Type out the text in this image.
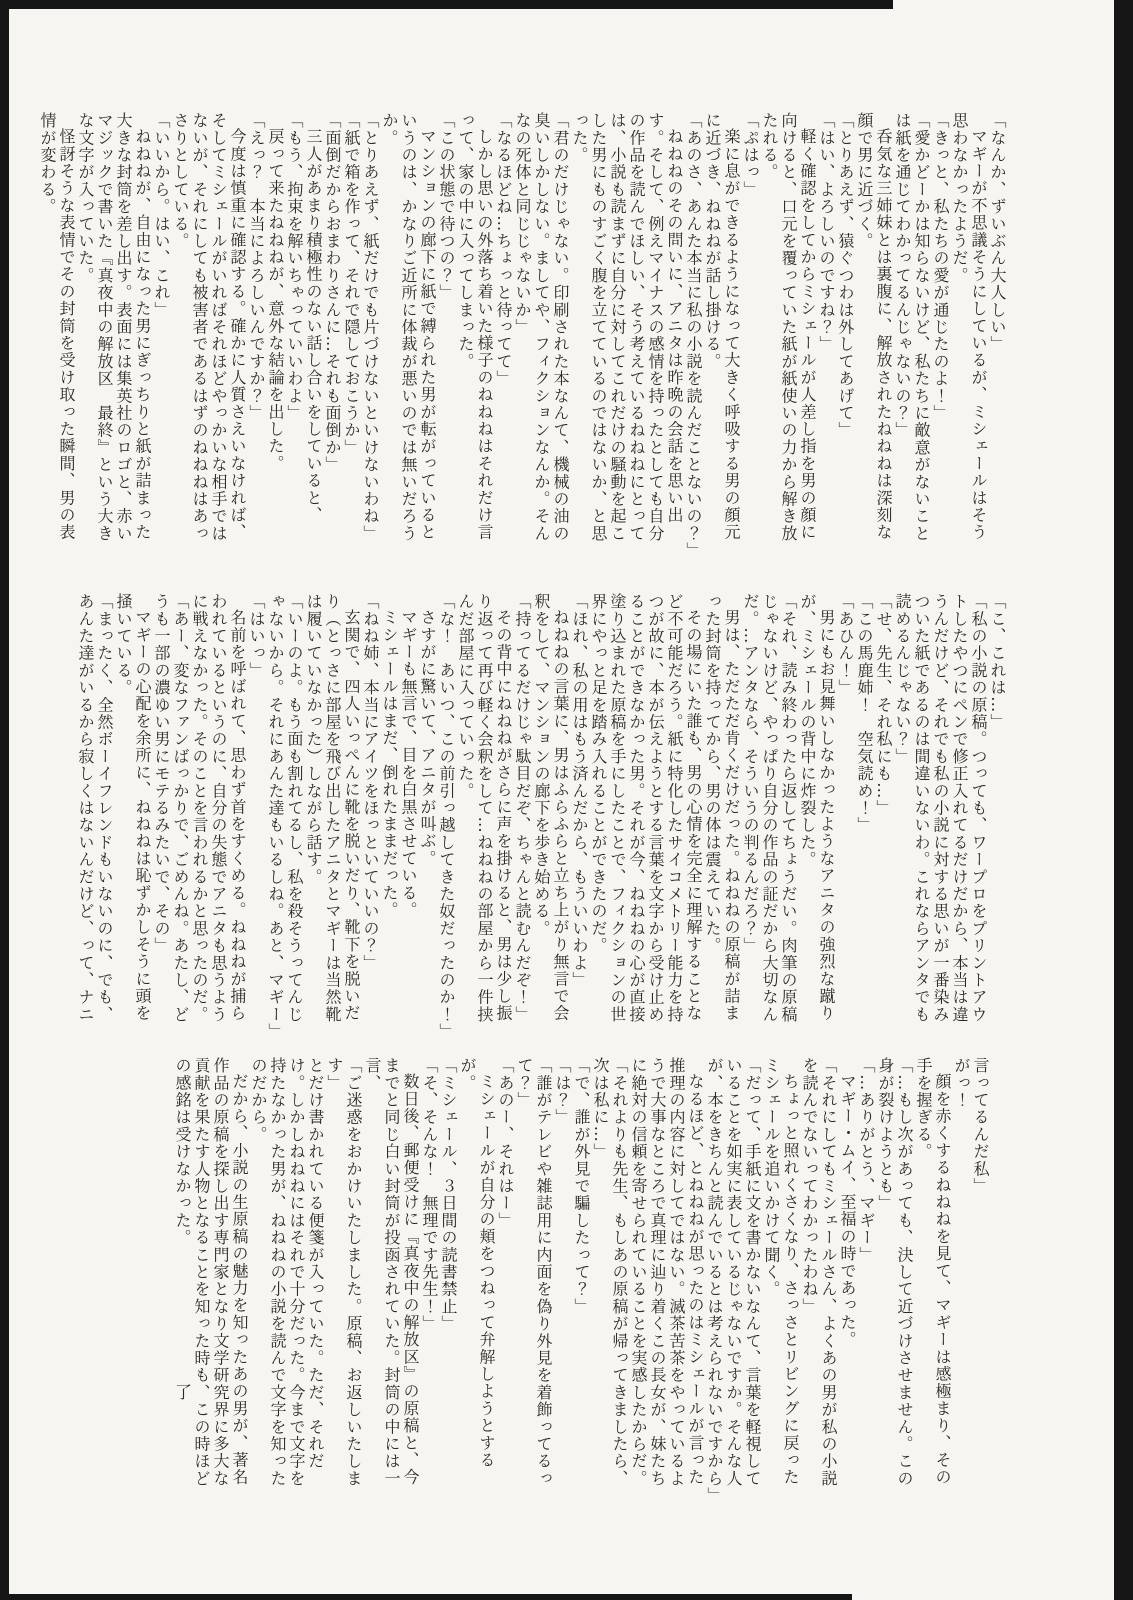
「なんか、ずいぶん大人しい」

マギーが不思議そうにしているが、ミシェールはそう思わなかったようだ。

「きっと、私たちの愛が通じたのよ！」

「愛かどーかは知らないけど、私たちに敵意がないことは紙を通じてわかってるんじゃないの？」

呑気な三姉妹とは裏腹に、解放されたねねねは深刻な顔で男に近づく。

「とりあえず、猿ぐつわは外してあげて」

「はい、よろしいのですね？」

軽く確認をしてからミシェールが人差し指を男の顔に向けると、口元を覆っていた紙が紙使いの力から解き放たれる。

「ぷはっ」

楽に息ができるようになって大きく呼吸する男の顔元に近づき、ねねねが話し掛ける。

「あのさ、あんた本当に私の小説を読んだことないの？」

ねねねのその問いに、アニタは昨晩の会話を思い出す。そして、例えマイナスの感情を持ったとしても自分の作品を読んでほしい、そう考えているねねねにとっては、小説も読まずに自分に対してこれだけの騒動を起こした男にものすごく腹を立てているのではないか、と思った。

「君のだけじゃない。印刷された本なんて、機械の油の臭いしかしない。ましてや、フィクションなんか。そんなの死体と同じじゃないか」

「なるほどね…ちょっと待ってて」

しかし思いの外落ち着いた様子のねねねはそれだけ言って、家の中に入ってしまった。

「この状態で待つの？」

マンションの廊下に紙で縛られた男が転がっているというのは、かなりご近所に体裁が悪いのでは無いだろうか。

「とりあえず、紙だけでも片づけないといけないわね」

「紙で箱を作って、それで隠しておこうか」

「面倒だからおまわりさんに…それも面倒か」

三人があまり積極性のない話し合いをしていると、

「もう、拘束を解いちゃっていいわよ」

戻って来たねねねが、意外な結論を出した。

「えっ？　本当によろしいんですか？」

今度は慎重に確認する。確かに人質さえいなければ、そしてミシェールがいればそれほどやっかいな相手ではないが、それにしても被害者であるはずのねねねはあっさりとしている。

「いいから。はい、これ」

ねねねが、自由になった男にぎっちりと紙が詰まった大きな封筒を差し出す。表面には集英社のロゴと、赤いマジックで書いた『真夜中の解放区　最終』という大きな文字が入っていた。

怪訝そうな表情でその封筒を受け取った瞬間、男の表情が変わる。

「こ、これは…」

「私の小説の原稿。つっても、ワープロをプリントアウトしたやつにペンで修正入れてるだけだから、本当は違うんだけど、それでも私の小説に対する思いが一番染みついた紙であるのは間違いないわ。これならアンタでも読めるんじゃない？」

「せ、先生、それ私にも…」

「この馬鹿姉！　空気読め！」

「あひん！」

男にもお見舞いしなかったようなアニタの強烈な蹴りが、ミシェールの背中に炸裂した。

「それ、読み終わったら返してちょうだい。肉筆の原稿じゃないけど、やっぱり自分の作品の証だから大切なんだ。…アンタなら、そういうの判るんだろ？」

男は、ただただ肯くだけだった。ねねねの原稿が詰まった封筒を持ってから、男の体は震えていた。

その場にいた誰も、男の心情を完全に理解することなど不可能だろう。紙に特化したサイコメトリー能力を持つが故に、本が伝えようとする言葉を文字から受け止めることができなかった男。それが今、ねねねの心が直接塗り込まれた原稿を手にしたことで、フィクションの世界にやっと足を踏み入れることができたのだ。

「ほれ、私の用はもう済んだから、もういいわよ」

ねねねの言葉に、男はふらふらと立ち上がり無言で会釈をして、マンションの廊下を歩き始める。

「持ってるだけじゃ駄目だぞ、ちゃんと読むんだぞ！」

その背中にねねねがさらに声を掛けると、男は少し振り返って再び軽く会釈をして…ねねねの部屋から一件挟んだ部屋に入っていった。

「な！　あいつ、この前引っ越してきた奴だったのか！」

さすがに驚いて、アニタが叫ぶ。

マギーも無言で、目を白黒させている。

ミシェールはまだ、倒れたままだった。

「ねね姉、本当にアイツをほっといていいの？」

玄関で、四人いっぺんに靴を脱いだり、靴下を脱いだり（とっさに部屋を飛び出したアニタとマギーは当然靴は履いていなかった）しながら話す。

「いーのよ。もう面も割れてるし、私を殺そうってんじゃないから。それにあんた達もいるしね。あと、マギー」

「はいっ」

名前を呼ばれて、思わず首をすくめる。ねねねが捕らわれているというのに、自分の失態でアニタも思うように戦えなかった。そのことを言われるかと思ったのだ。

「あー、変なファンばっかりで、ごめんね。あたし、どうも一部の濃ゆい男にモテるみたいで、その」

マギーの心配を余所に、ねねねは恥ずかしそうに頭を掻いている。

「まったく、全然ボーイフレンドもいないのに、でも、あんた達がいるから寂しくはないんだけど、って、ナニ

言ってるんだ私」

がっ！

顔を赤くするねねねを見て、マギーは感極まり、その手を握ぎる。

「…もし次があっても、決して近づけさせません。この身が裂けようとも」

「…ありがとう、マギー」

マギー・ムイ、至福の時であった。

「それにしてもミシェールさん、よくあの男が私の小説を読んでないってわかったわね」

ちょっと照れくさくなり、さっさとリビングに戻ったミシェールを追いかけて聞く。

「だって、手紙に文を書かないなんて、言葉を軽視していることを如実に表しているじゃないですか。そんな人が、本をきちんと読んでいるとは考えられないですから」

なるほど、とねねねが思ったのはミシェールが言った推理の内容に対してではない。滅茶苦茶をやっているようで大事なところで真理に辿り着くこの長女が、妹たちに絶対の信頼を寄せられていることを実感したからだ。

「それよりも先生、もしあの原稿が帰ってきましたら、次は私に…」

「で、誰が外見で騙したって？」

「は？」

「誰がテレビや雑誌用に内面を偽り外見を着飾ってるって？」

「あのー、それはー」

ミシェールが自分の頬をつねって弁解しようとするが。

「ミシェール、３日間の読書禁止」

「そ、そんな！　無理です先生！」

数日後、郵便受けに『真夜中の解放区』の原稿と、今までと同じ白い封筒が投函されていた。封筒の中には一言、

「ご迷惑をおかけいたしました。原稿、お返しいたします」

とだけ書かれている便箋が入っていた。ただ、それだけ。しかしねねねにはそれで十分だった。今まで文字を持たなかった男が、ねねねの小説を読んで文字を知ったのだから。

だから、小説の生原稿の魅力を知ったあの男が、著名作品の原稿を探し出す専門家となり文学研究界に多大な貢献を果たす人物となることを知った時も、この時ほどの感銘は受けなかった。

了
